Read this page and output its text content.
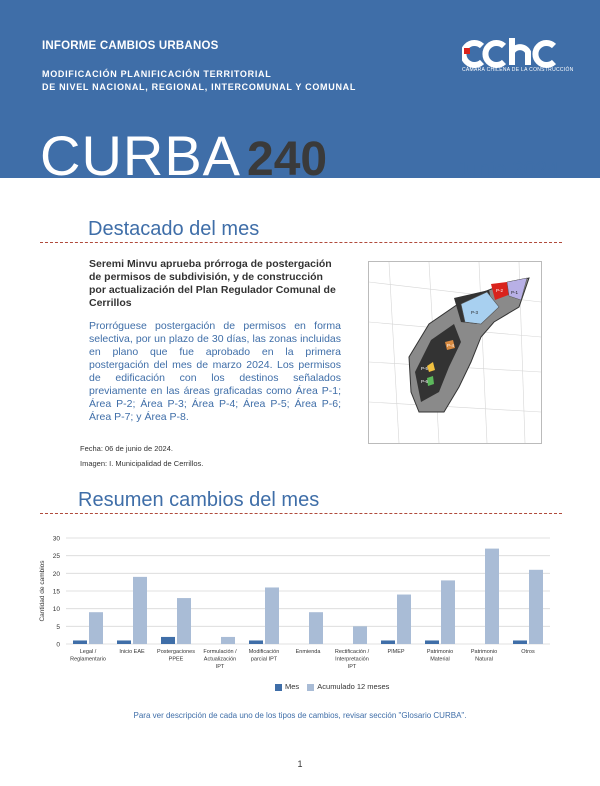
INFORME CAMBIOS URBANOS
MODIFICACIÓN PLANIFICACIÓN TERRITORIAL
DE NIVEL NACIONAL, REGIONAL, INTERCOMUNAL Y COMUNAL
CÁMARA CHILENA DE LA CONSTRUCCIÓN
CURBA 240	Junio 2024
Destacado del mes
Seremi Minvu aprueba prórroga de postergación de permisos de subdivisión, y de construcción por actualización del Plan Regulador Comunal de Cerrillos
Prorróguese postergación de permisos en forma selectiva, por un plazo de 30 días, las zonas incluidas en plano que fue aprobado en la primera postergación del mes de marzo 2024. Los permisos de edificación con los destinos señalados previamente en las áreas graficadas como Área P-1; Área P-2; Área P-3; Área P-4; Área P-5; Área P-6; Área P-7; y Área P-8.
P-1
P-2
P-3
P-4
P-5
P-6
Fecha: 06 de junio de 2024.
Imagen: I. Municipalidad de Cerrillos.
Resumen cambios del mes
0
5
10
15
20
25
30
Cantidad de cambios
Legal /
Reglamentario
Inicio EAE Postergaciones
PPEE
Formulación /
Actualización
IPT
Modificación
parcial IPT
Enmienda	Rectificación /
Interpretación
IPT
PIMEP	Patrimonio
Material
Patrimonio
Natural
Otros
Mes Acumulado 12 meses
Para ver descripción de cada uno de los tipos de cambios, revisar sección "Glosario CURBA".
1
